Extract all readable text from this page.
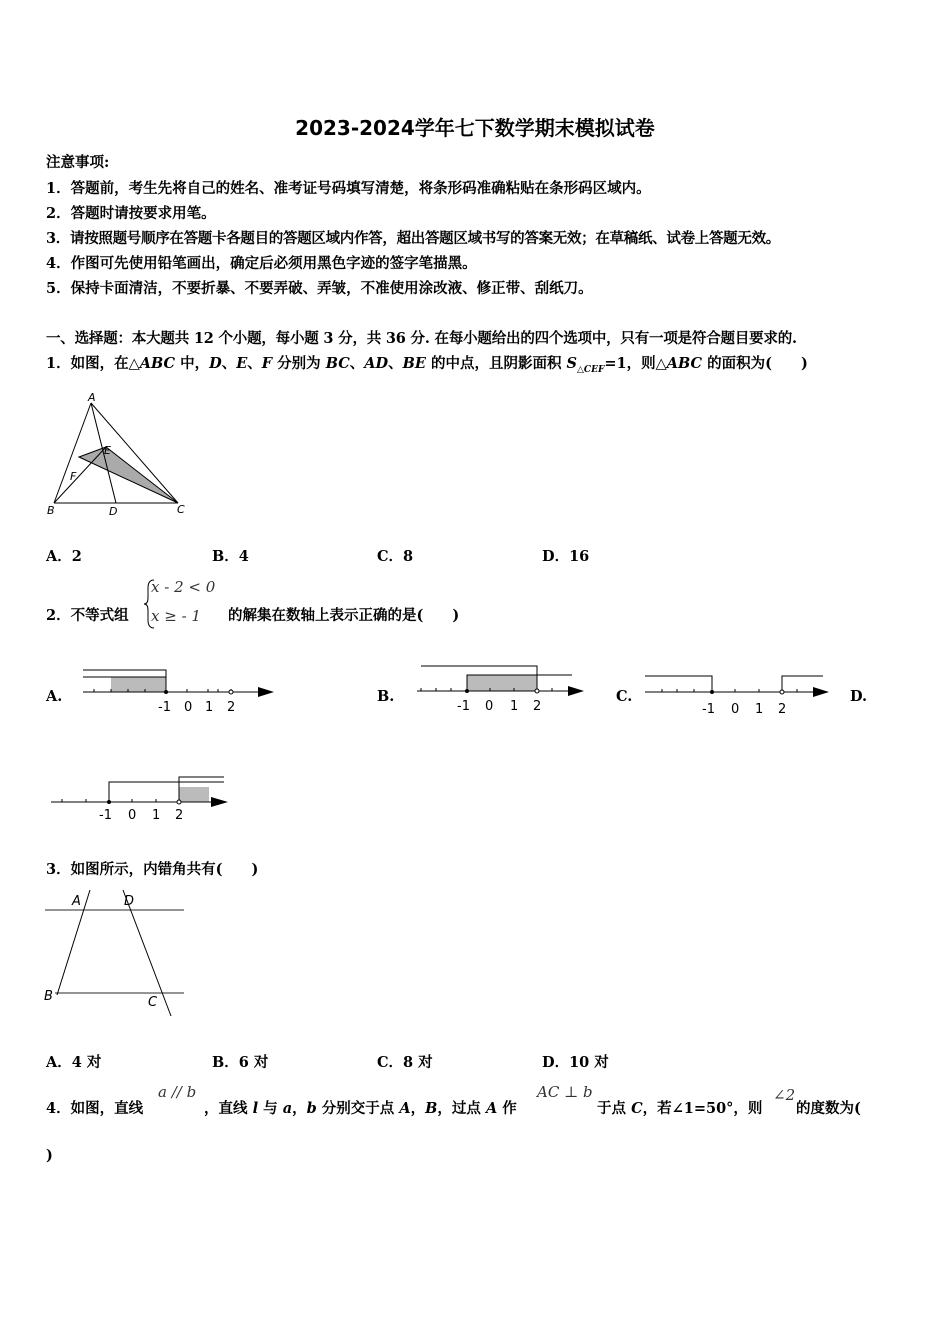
2023-2024学年七下数学期末模拟试卷
注意事项:
1．答题前，考生先将自己的姓名、准考证号码填写清楚，将条形码准确粘贴在条形码区域内。
2．答题时请按要求用笔。
3．请按照题号顺序在答题卡各题目的答题区域内作答，超出答题区域书写的答案无效；在草稿纸、试卷上答题无效。
4．作图可先使用铅笔画出，确定后必须用黑色字迹的签字笔描黑。
5．保持卡面清洁，不要折暴、不要弄破、弄皱，不准使用涂改液、修正带、刮纸刀。
一、选择题：本大题共 12 个小题，每小题 3 分，共 36 分. 在每小题给出的四个选项中，只有一项是符合题目要求的.
1．如图，在△ABC 中，D、E、F 分别为 BC、AD、BE 的中点，且阴影面积 $S_{\triangle CEF}=1$，则△ABC 的面积为(　　)
A
E
F
B	D	C
A．2	B．4	C．8	D．16
2．不等式组
x - 2 < 0
x ≥ - 1 的解集在数轴上表示正确的是(　　)
A.
-1 0 1 2
B.
-1 0 1 2
C.
-1 0 1 2
D.
-1 0 1 2
3．如图所示，内错角共有(　　)
A	D
B	C
A．4 对	B．6 对	C．8 对	D．10 对
4．如图，直线
a // b
，直线 l 与 a，b 分别交于点 A，B，过点 A 作
AC ⊥ b
于点 C，若∠1=50°，则
∠2
的度数为(
)
